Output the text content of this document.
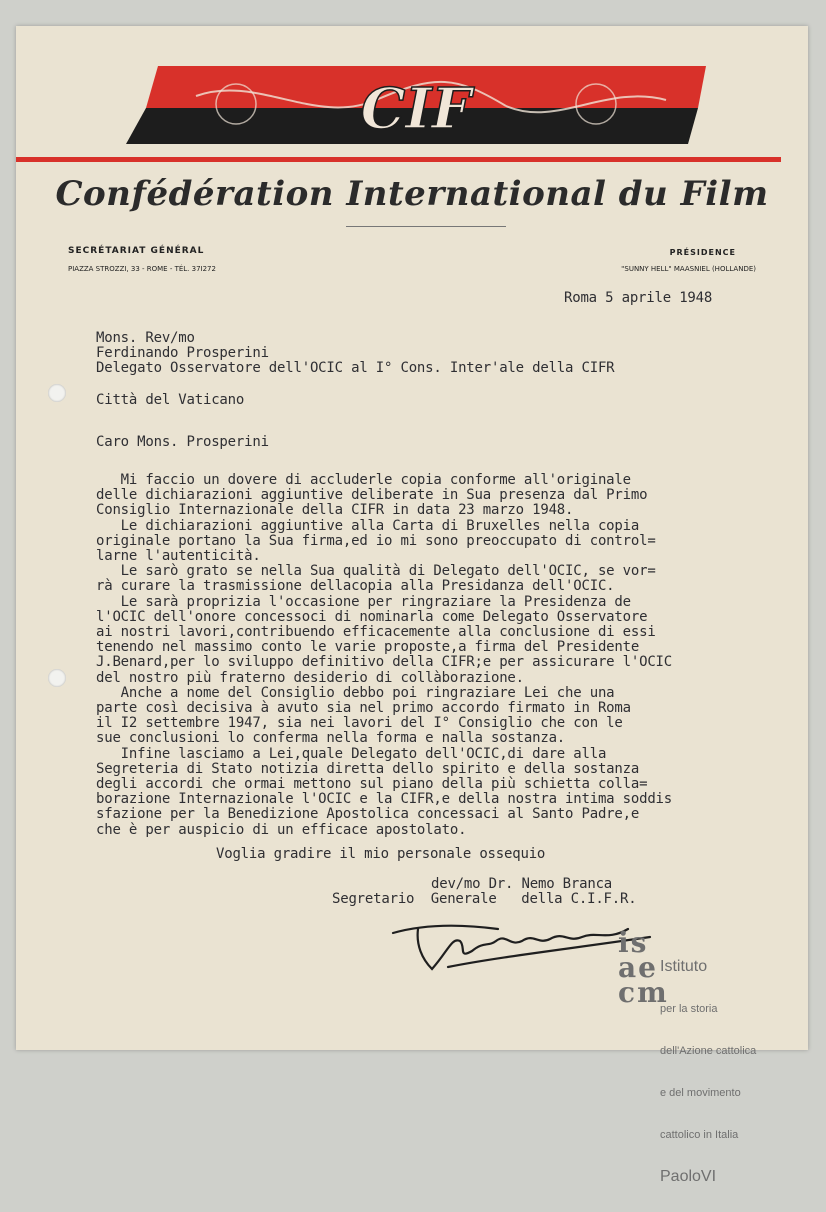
CIF
Confédération International du Film
SECRÉTARIAT GÉNÉRAL
PIAZZA STROZZI, 33 - ROME - TÉL. 37I272
PRÉSIDENCE
"SUNNY HELL" MAASNIEL (HOLLANDE)
Roma 5 aprile 1948
Mons. Rev/mo
Ferdinando Prosperini
Delegato Osservatore dell'OCIC al I° Cons. Inter'ale della CIFR
Città del Vaticano
Caro Mons. Prosperini
Mi faccio un dovere di accluderle copia conforme all'originale
delle dichiarazioni aggiuntive deliberate in Sua presenza dal Primo
Consiglio Internazionale della CIFR in data 23 marzo 1948.
Le dichiarazioni aggiuntive alla Carta di Bruxelles nella copia
originale portano la Sua firma,ed io mi sono preoccupato di control=
larne l'autenticità.
Le sarò grato se nella Sua qualità di Delegato dell'OCIC, se vor=
rà curare la trasmissione dellacopia alla Presidanza dell'OCIC.
Le sarà propriziа l'occasione per ringraziare la Presidenza de
l'OCIC dell'onore concessoci di nominarla come Delegato Osservatore
ai nostri lavori,contribuendo efficacemente alla conclusione di essi
tenendo nel massimo conto le varie proposte,a firma del Presidente
J.Benard,per lo sviluppo definitivo della CIFR;e per assicurare l'OCIC
del nostro più fraterno desiderio di collàborazione.
Anche a nome del Consiglio debbo poi ringraziare Lei che una
parte così decisiva à avuto sia nel primo accordo firmato in Roma
il I2 settembre 1947, sia nei lavori del I° Consiglio che con le
sue conclusioni lo conferma nella forma e nalla sostanza.
Infine lasciamo a Lei,quale Delegato dell'OCIC,di dare alla
Segreteria di Stato notizia diretta dello spirito e della sostanza
degli accordi che ormai mettono sul piano della più schietta colla=
borazione Internazionale l'OCIC e la CIFR,e della nostra intima soddis
sfazione per la Benedizione Apostolica concessaci al Santo Padre,e
che è per auspicio di un efficace apostolato.
Voglia gradire il mio personale ossequio
dev/mo Dr. Nemo Branca
Segretario  Generale   della C.I.F.R.
i s
a e
c m

Istituto

per la storia

dell'Azione cattolica

e del movimento

cattolico in Italia

PaoloVI
